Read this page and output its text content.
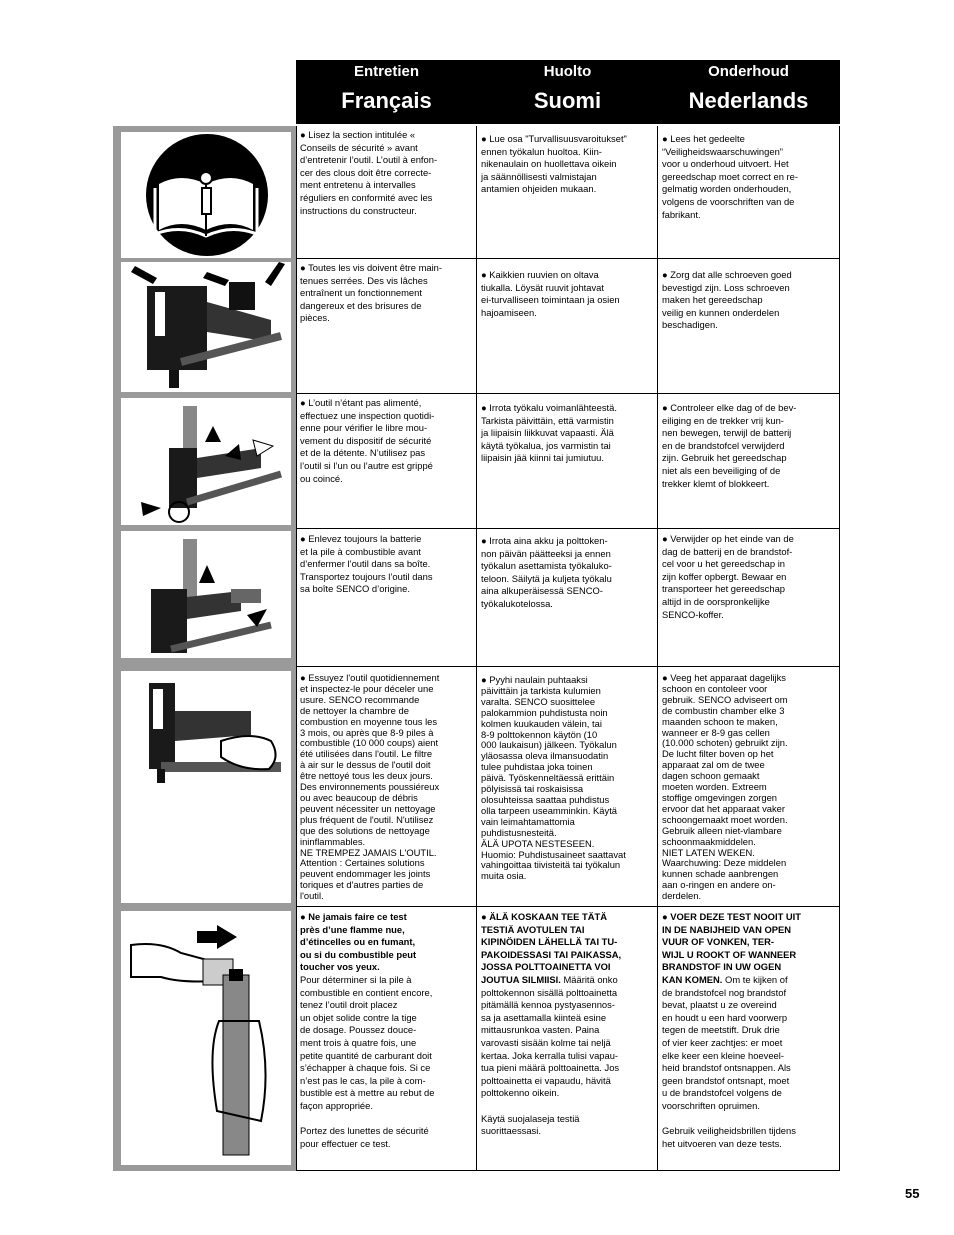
Entretien
Français
Huolto
Suomi
Onderhoud
Nederlands
● Lisez la section intitulée «
Conseils de sécurité » avant
d’entretenir l’outil. L’outil à enfon-
cer des clous doit être correcte-
ment entretenu à intervalles
réguliers en conformité avec les
instructions du constructeur.
● Lue osa "Turvallisuusvaroitukset"
ennen työkalun huoltoa. Kiin-
nikenaulain on huollettava oikein
ja säännöllisesti valmistajan
antamien ohjeiden mukaan.
● Lees het gedeelte
“Veiligheidswaarschuwingen”
voor u onderhoud uitvoert. Het
gereedschap moet correct en re-
gelmatig worden onderhouden,
volgens de voorschriften van de
fabrikant.
● Toutes les vis doivent être main-
tenues serrées. Des vis lâches
entraînent un fonctionnement
dangereux et des brisures de
pièces.
● Kaikkien ruuvien on oltava
tiukalla. Löysät ruuvit johtavat
ei-turvalliseen toimintaan ja osien
hajoamiseen.
● Zorg dat alle schroeven goed
bevestigd zijn. Loss schroeven
maken het gereedschap
veilig en kunnen onderdelen
beschadigen.
● L’outil n’étant pas alimenté,
effectuez une inspection quotidi-
enne pour vérifier le libre mou-
vement du dispositif de sécurité
et de la détente. N’utilisez pas
l’outil si l’un ou l’autre est grippé
ou coincé.
● Irrota työkalu voimanlähteestä.
Tarkista päivittäin, että varmistin
ja liipaisin liikkuvat vapaasti. Älä
käytä työkalua, jos varmistin tai
liipaisin jää kiinni tai jumiutuu.
● Controleer elke dag of de bev-
eiliging en de trekker vrij kun-
nen bewegen, terwijl de batterij
en de brandstofcel verwijderd
zijn. Gebruik het gereedschap
niet als een beveiliging of de
trekker klemt of blokkeert.
● Enlevez toujours la batterie
et la pile à combustible avant
d’enfermer l’outil dans sa boîte.
Transportez toujours l’outil dans
sa boîte SENCO d’origine.
● Irrota aina akku ja polttoken-
non päivän päätteeksi ja ennen
työkalun asettamista työkaluko-
teloon. Säilytä ja kuljeta työkalu
aina alkuperäisessä SENCO-
työkalukotelossa.
● Verwijder op het einde van de
dag de batterij en de brandstof-
cel voor u het gereedschap in
zijn koffer opbergt. Bewaar en
transporteer het gereedschap
altijd in de oorspronkelijke
SENCO-koffer.
● Essuyez l'outil quotidiennement
et inspectez-le pour déceler une
usure. SENCO recommande
de nettoyer la chambre de
combustion en moyenne tous les
3 mois, ou après que 8-9 piles à
combustible (10 000 coups) aient
été utilisées dans l'outil. Le filtre
à air sur le dessus de l'outil doit
être nettoyé tous les deux jours.
Des environnements poussiéreux
ou avec beaucoup de débris
peuvent nécessiter un nettoyage
plus fréquent de l'outil. N'utilisez
que des solutions de nettoyage
ininflammables.
NE TREMPEZ JAMAIS L'OUTIL.
Attention : Certaines solutions
peuvent endommager les joints
toriques et d'autres parties de
l'outil.
● Pyyhi naulain puhtaaksi
päivittäin ja tarkista kulumien
varalta. SENCO suosittelee
palokammion puhdistusta noin
kolmen kuukauden välein, tai
8-9 polttokennon käytön (10
000 laukaisun) jälkeen. Työkalun
yläosassa oleva ilmansuodatin
tulee puhdistaa joka toinen
päivä. Työskenneltäessä erittäin
pölyisissä tai roskaisissa
olosuhteissa saattaa puhdistus
olla tarpeen useamminkin. Käytä
vain leimahtamattomia
puhdistusnesteitä.
ÄLÄ UPOTA NESTESEEN.
Huomio: Puhdistusaineet saattavat
vahingoittaa tiivisteitä tai työkalun
muita osia.
● Veeg het apparaat dagelijks
schoon en contoleer voor
gebruik. SENCO adviseert om
de combustin chamber elke 3
maanden schoon te maken,
wanneer er 8-9 gas cellen
(10.000 schoten) gebruikt zijn.
De lucht filter boven op het
apparaat zal om de twee
dagen schoon gemaakt
moeten worden. Extreem
stoffige omgevingen zorgen
ervoor dat het apparaat vaker
schoongemaakt moet worden.
Gebruik alleen niet-vlambare
schoonmaakmiddelen.
NIET LATEN WEKEN.
Waarchuwing: Deze middelen
kunnen schade aanbrengen
aan o-ringen en andere on-
derdelen.
● Ne jamais faire ce test
près d’une flamme nue,
d’étincelles ou en fumant,
ou si du combustible peut
toucher vos yeux.
Pour déterminer si la pile à
combustible en contient encore,
tenez l’outil droit placez
un objet solide contre la tige
de dosage. Poussez douce-
ment trois à quatre fois, une
petite quantité de carburant doit
s’échapper à chaque fois. Si ce
n’est pas le cas, la pile à com-
bustible est à mettre au rebut de
façon appropriée.

Portez des lunettes de sécurité
pour effectuer ce test.
● ÄLÄ KOSKAAN TEE TÄTÄ
TESTIÄ AVOTULEN TAI
KIPINÖIDEN LÄHELLÄ TAI TU-
PAKOIDESSASI TAI PAIKASSA,
JOSSA POLTTOAINETTA VOI
JOUTUA SILMIISI. Määritä onko
polttokennon sisällä polttoainetta
pitämällä kennoa pystyasennos-
sa ja asettamalla kiinteä esine
mittausrunkoa vasten. Paina
varovasti sisään kolme tai neljä
kertaa. Joka kerralla tulisi vapau-
tua pieni määrä polttoainetta. Jos
polttoainetta ei vapaudu, hävitä
polttokenno oikein.

Käytä suojalaseja testiä
suorittaessasi.
● VOER DEZE TEST NOOIT UIT
IN DE NABIJHEID VAN OPEN
VUUR OF VONKEN, TER-
WIJL U ROOKT OF WANNEER
BRANDSTOF IN UW OGEN
KAN KOMEN. Om te kijken of
de brandstofcel nog brandstof
bevat, plaatst u ze overeind
en houdt u een hard voorwerp
tegen de meetstift. Druk drie
of vier keer zachtjes: er moet
elke keer een kleine hoeveel-
heid brandstof ontsnappen. Als
geen brandstof ontsnapt, moet
u de brandstofcel volgens de
voorschriften opruimen.

Gebruik veiligheidsbrillen tijdens
het uitvoeren van deze tests.
55
